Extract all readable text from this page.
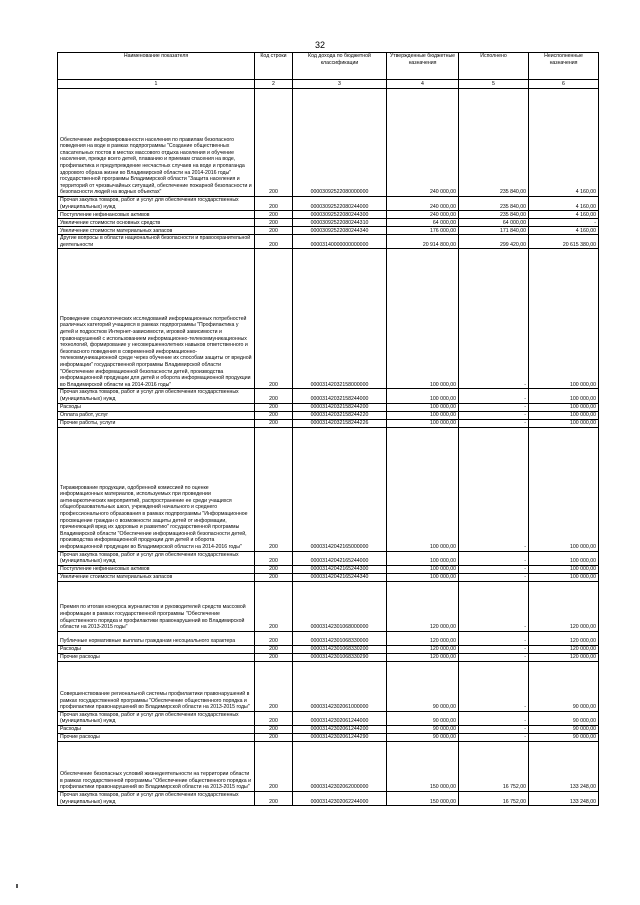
32
Наименование показателя	Код строки	Код дохода по бюджетной классификации	Утвержденные бюджетные назначения	Исполнено	Неисполненные назначения
1	2	3	4	5	6
Обеспечение информированности населения по правилам безопасного поведения на воде в рамках подпрограммы "Создание общественных спасательных постов в местах массового отдыха населения и обучение населения, прежде всего детей, плаванию и приемам спасения на воде, профилактика и предупреждение несчастных случаев на воде и пропаганда здорового образа жизни во Владимирской области на 2014-2016 годы" государственной программы Владимирской области "Защита населения и территорий от чрезвычайных ситуаций, обеспечение пожарной безопасности и безопасности людей на водных объектах"	200	00003092522080000000	240 000,00	235 840,00	4 160,00
Прочая закупка товаров, работ и услуг для обеспечения государственных (муниципальных) нужд	200	00003092522080244000	240 000,00	235 840,00	4 160,00
Поступление нефинансовых активов	200	00003092522080244300	240 000,00	235 840,00	4 160,00
Увеличение стоимости основных средств	200	00003092522080244310	64 000,00	64 000,00	-
Увеличение стоимости материальных запасов	200	00003092522080244340	176 000,00	171 840,00	4 160,00
Другие вопросы в области национальной безопасности и правоохранительной деятельности	200	00003140000000000000	20 914 800,00	299 420,00	20 615 380,00
Проведение социологических исследований информационных потребностей различных категорий учащихся в рамках подпрограммы "Профилактика у детей и подростков Интернет-зависимости, игровой зависимости и правонарушений с использованием информационно-телекоммуникационных технологий, формирование у несовершеннолетних навыков ответственного и безопасного поведения в современной информационно-телекоммуникационной среде через обучение их способам защиты от вредной информации" государственной программы Владимирской области "Обеспечение информационной безопасности детей, производства информационной продукции для детей и оборота информационной продукции во Владимирской области на 2014-2016 годы"	200	00003142032158000000	100 000,00	-	100 000,00
Прочая закупка товаров, работ и услуг для обеспечения государственных (муниципальных) нужд	200	00003142032158244000	100 000,00	-	100 000,00
Расходы	200	00003142032158244200	100 000,00	-	100 000,00
Оплата работ, услуг	200	00003142032158244220	100 000,00	-	100 000,00
Прочие работы, услуги	200	00003142032158244226	100 000,00	-	100 000,00
Тиражирование продукции, одобренной комиссией по оценке информационных материалов, используемых при проведении антинаркотических мероприятий, распространение ее среди учащихся общеобразовательных школ, учреждений начального и среднего профессионального образования в рамках подпрограммы "Информационное просвещение граждан о возможности защиты детей от информации, причиняющей вред их здоровью и развитию" государственной программы Владимирской области "Обеспечение информационной безопасности детей, производства информационной продукции для детей и оборота информационной продукции во Владимирской области на 2014-2016 годы"	200	00003142042165000000	100 000,00	-	100 000,00
Прочая закупка товаров, работ и услуг для обеспечения государственных (муниципальных) нужд	200	00003142042165244000	100 000,00	-	100 000,00
Поступление нефинансовых активов	200	00003142042165244300	100 000,00	-	100 000,00
Увеличение стоимости материальных запасов	200	00003142042165244340	100 000,00	-	100 000,00
Премия по итогам конкурса журналистов и руководителей средств массовой информации в рамках государственной программы "Обеспечение общественного порядка и профилактики правонарушений во Владимирской области на 2013-2015 годы"	200	00003142301068000000	120 000,00	-	120 000,00
Публичные нормативные выплаты гражданам несоциального характера	200	00003142301068330000	120 000,00	-	120 000,00
Расходы	200	00003142301068330200	120 000,00	-	120 000,00
Прочие расходы	200	00003142301068330290	120 000,00	-	120 000,00
Совершенствование региональной системы профилактики правонарушений в рамках государственной программы "Обеспечение общественного порядка и профилактики правонарушений во Владимирской области на 2013-2015 годы"	200	00003142302061000000	90 000,00	-	90 000,00
Прочая закупка товаров, работ и услуг для обеспечения государственных (муниципальных) нужд	200	00003142302061244000	90 000,00	-	90 000,00
Расходы	200	00003142302061244200	90 000,00	-	90 000,00
Прочие расходы	200	00003142302061244290	90 000,00	-	90 000,00
Обеспечение безопасных условий жизнедеятельности на территории области в рамках государственной программы "Обеспечение общественного порядка и профилактики правонарушений во Владимирской области на 2013-2015 годы"	200	00003142302062000000	150 000,00	16 752,00	133 248,00
Прочая закупка товаров, работ и услуг для обеспечения государственных (муниципальных) нужд	200	00003142302062244000	150 000,00	16 752,00	133 248,00
